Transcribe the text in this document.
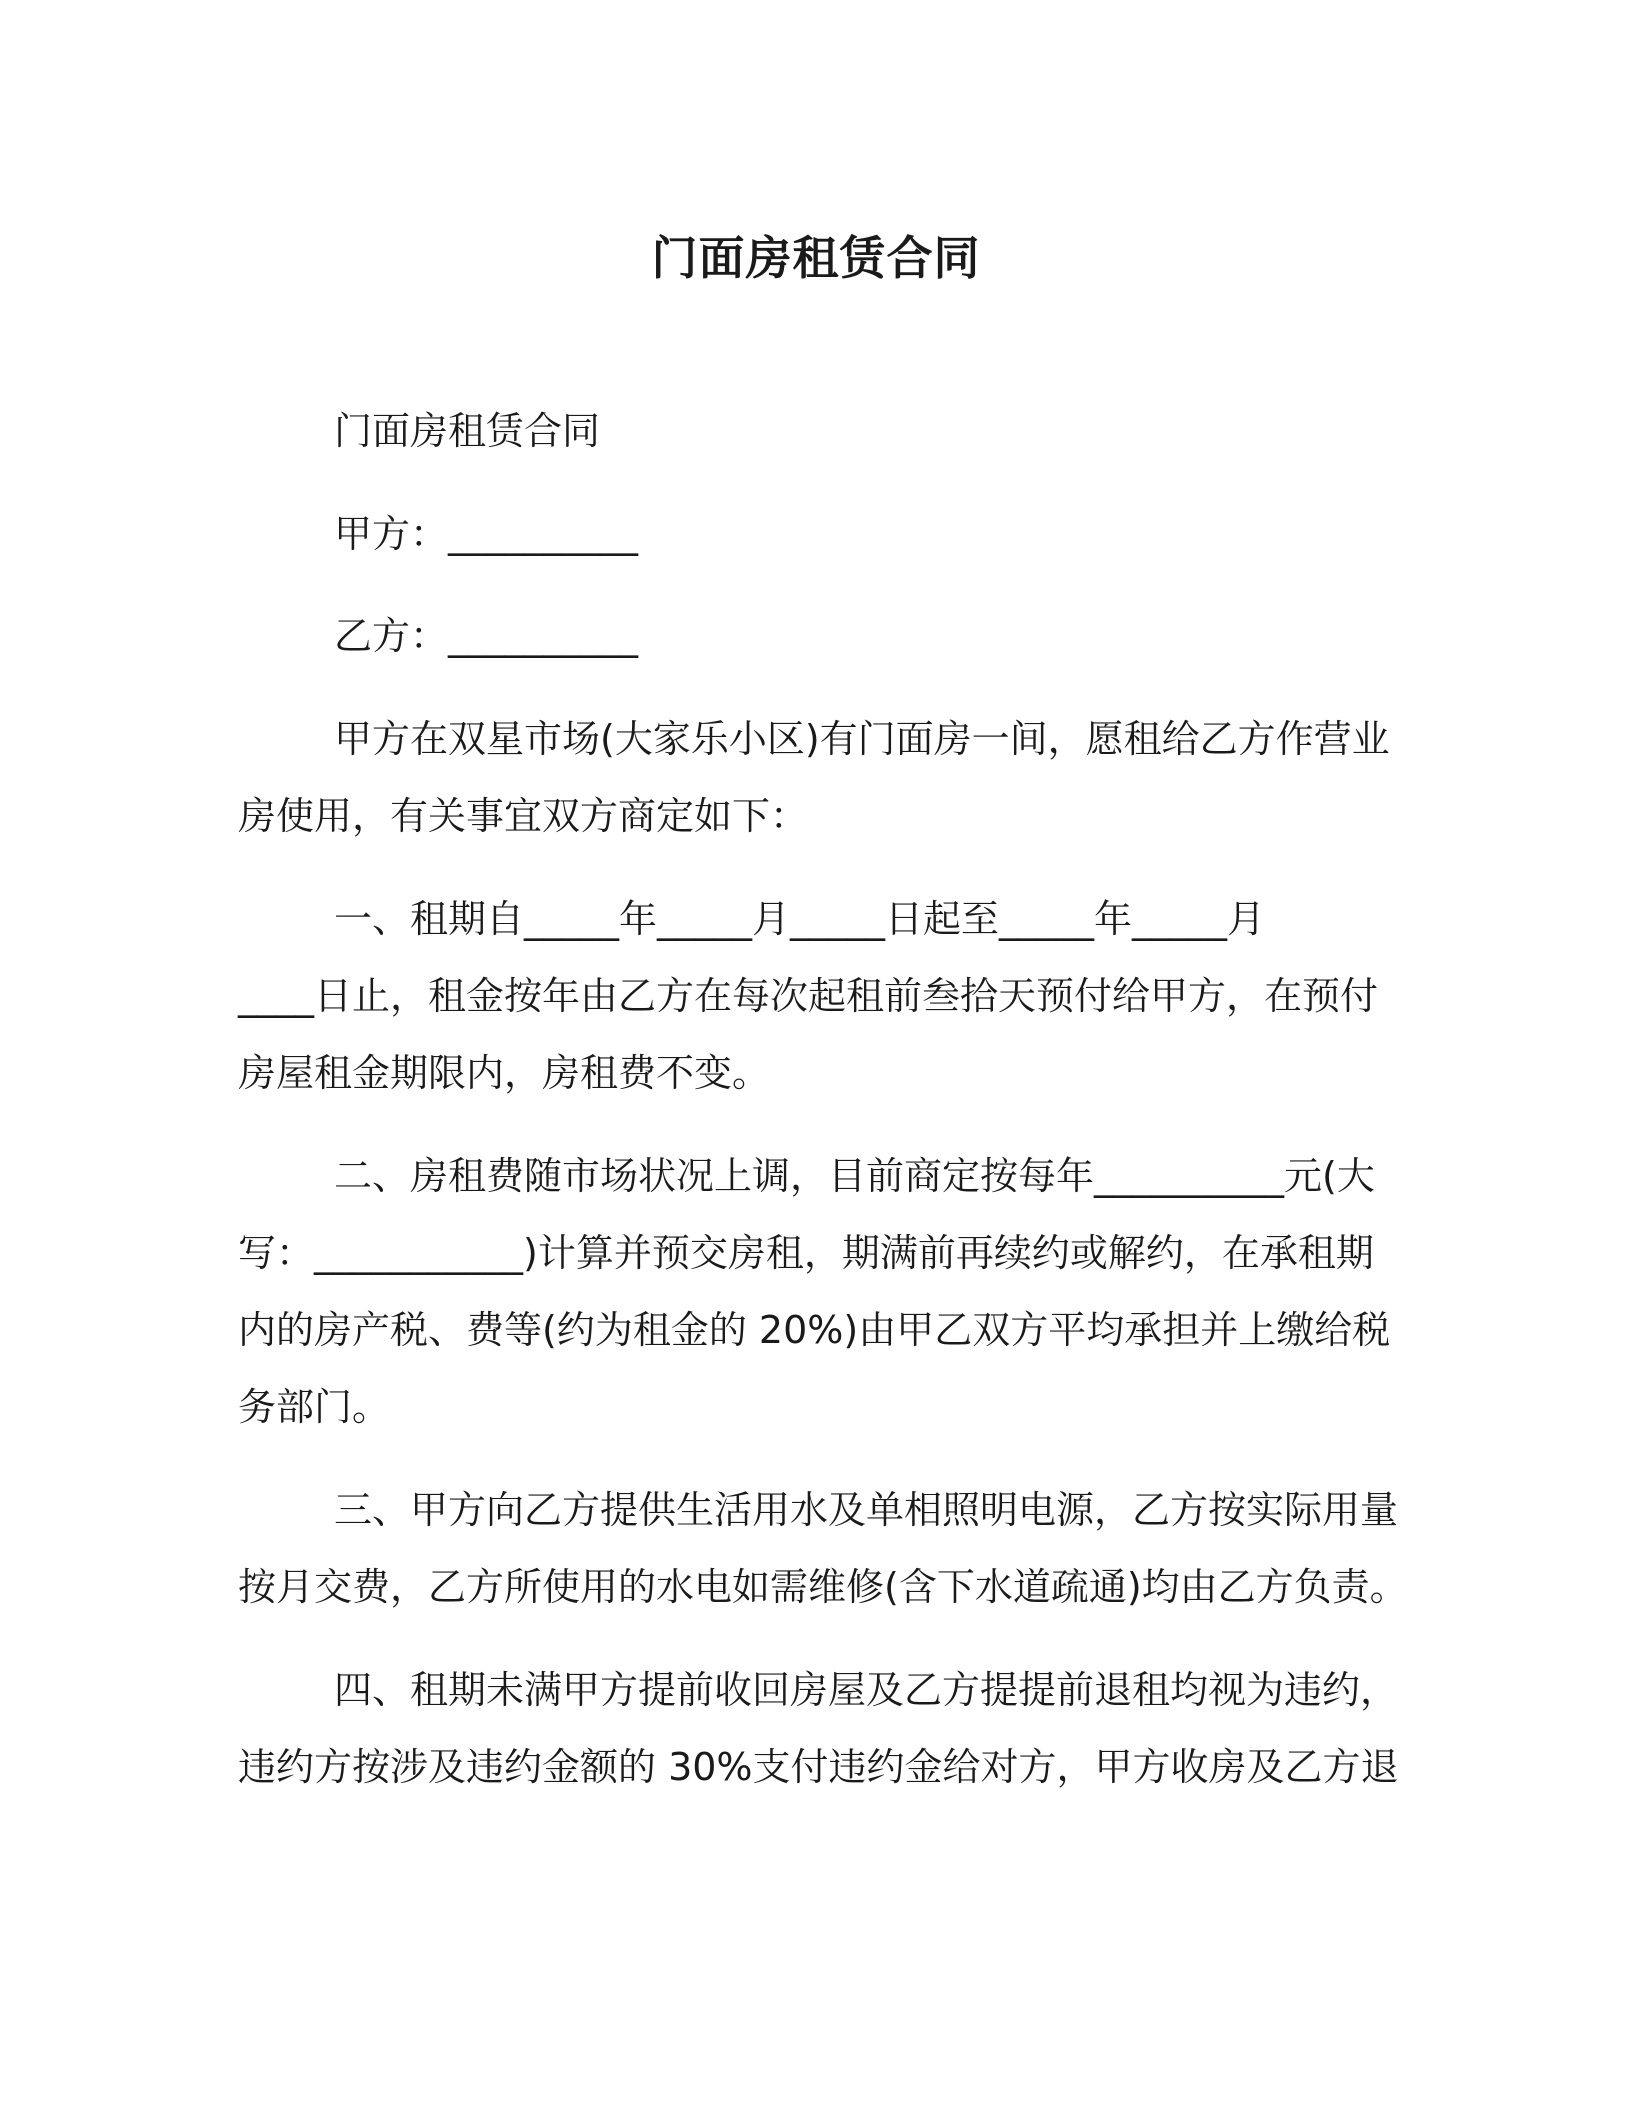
门面房租赁合同

门面房租赁合同

甲方：__________

乙方：__________

甲方在双星市场(大家乐小区)有门面房一间，愿租给乙方作营业

房使用，有关事宜双方商定如下：

一、租期自_____年_____月_____日起至_____年_____月

____日止，租金按年由乙方在每次起租前叁拾天预付给甲方，在预付

房屋租金期限内，房租费不变。

二、房租费随市场状况上调，目前商定按每年__________元(大

写：___________)计算并预交房租，期满前再续约或解约，在承租期

内的房产税、费等(约为租金的 20%)由甲乙双方平均承担并上缴给税

务部门。

三、甲方向乙方提供生活用水及单相照明电源，乙方按实际用量

按月交费，乙方所使用的水电如需维修(含下水道疏通)均由乙方负责。

四、租期未满甲方提前收回房屋及乙方提提前退租均视为违约，

违约方按涉及违约金额的 30%支付违约金给对方，甲方收房及乙方退
